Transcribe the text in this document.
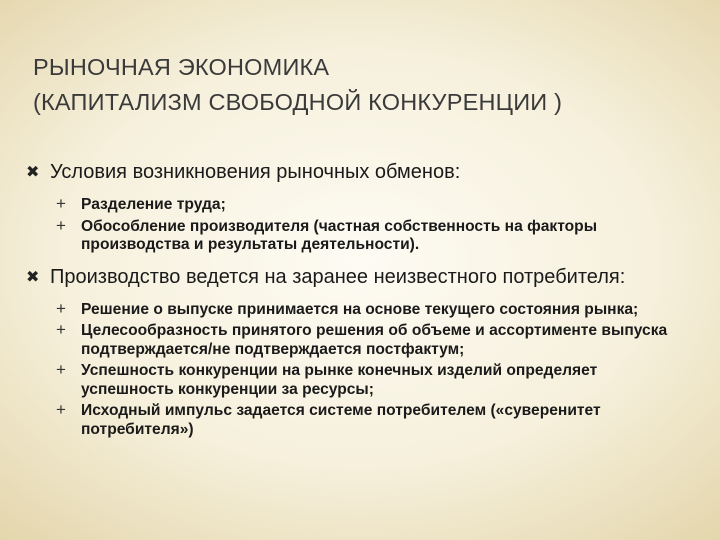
РЫНОЧНАЯ ЭКОНОМИКА
(КАПИТАЛИЗМ СВОБОДНОЙ КОНКУРЕНЦИИ )
✖ Условия возникновения рыночных обменов:
+ Разделение труда;
+ Обособление производителя (частная собственность на факторы производства и результаты деятельности).
✖ Производство ведется на заранее неизвестного потребителя:
+ Решение о выпуске принимается на основе текущего состояния рынка;
+ Целесообразность принятого решения об объеме и ассортименте выпуска подтверждается/не подтверждается постфактум;
+ Успешность конкуренции на рынке конечных изделий определяет успешность конкуренции за ресурсы;
+ Исходный импульс задается системе потребителем («суверенитет потребителя»)
